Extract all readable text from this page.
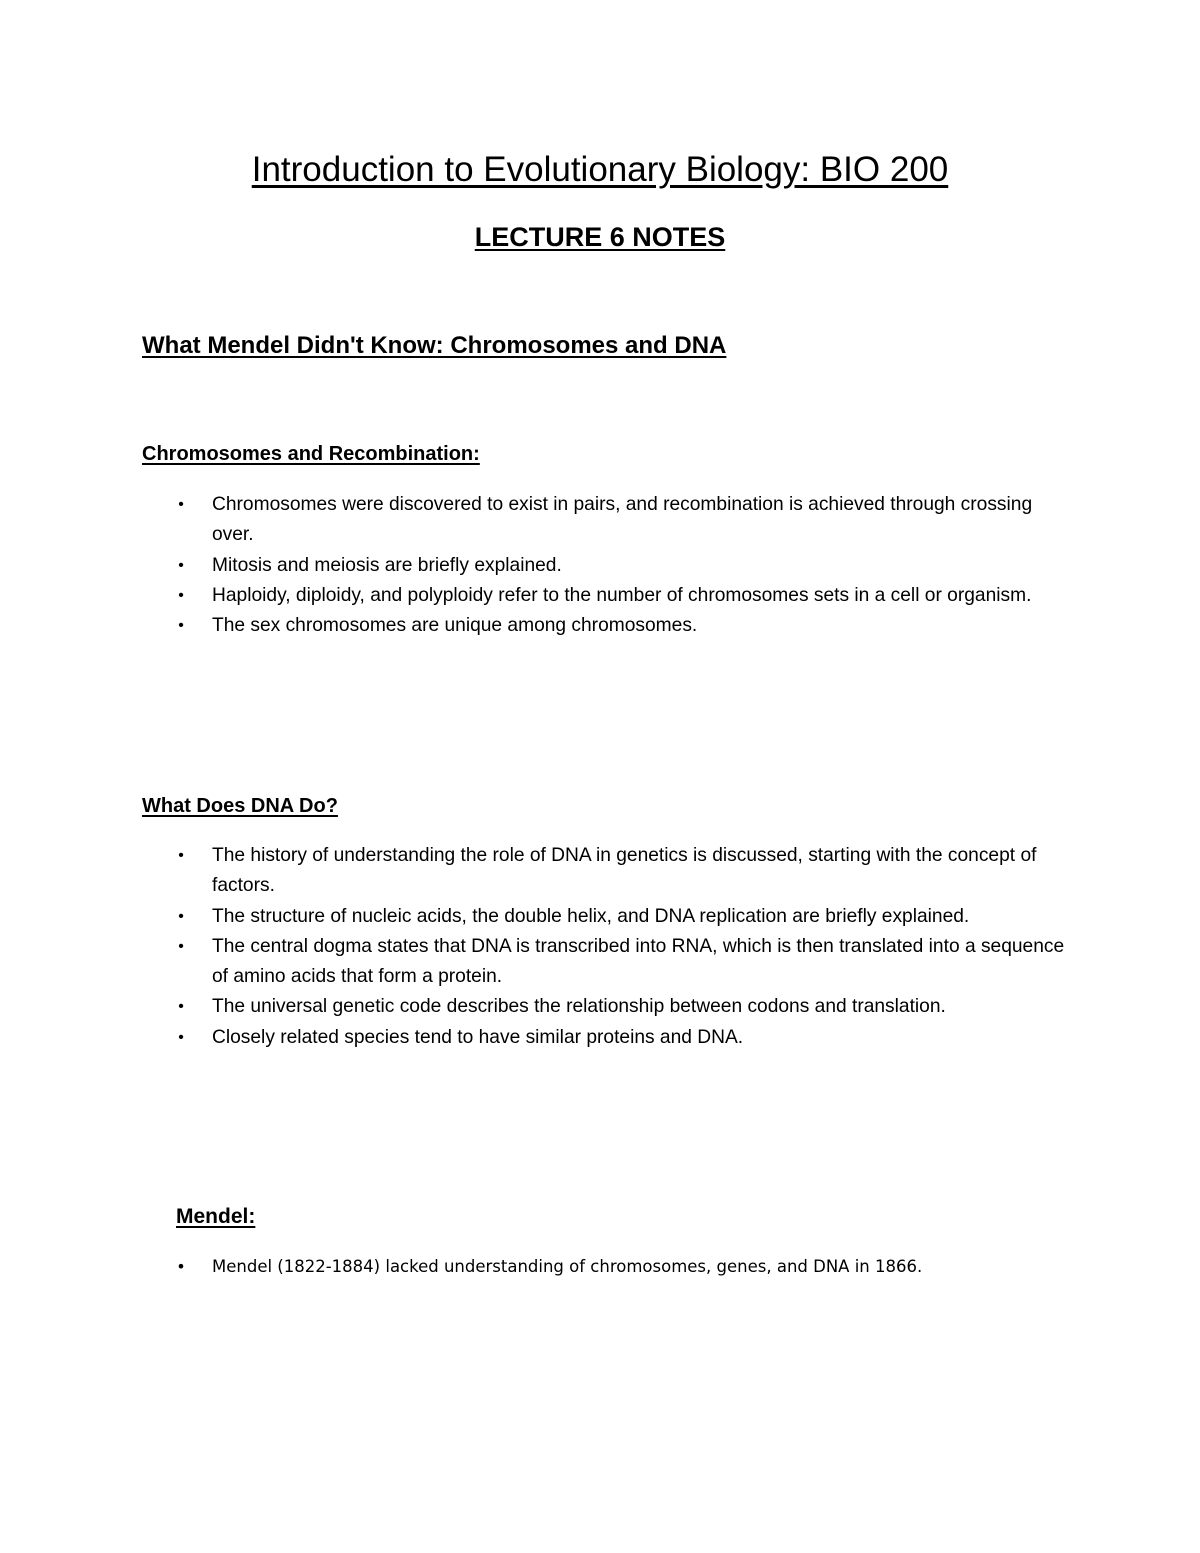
Introduction to Evolutionary Biology: BIO 200
LECTURE 6 NOTES
What Mendel Didn't Know: Chromosomes and DNA
Chromosomes and Recombination:
• Chromosomes were discovered to exist in pairs, and recombination is achieved through crossing over.
• Mitosis and meiosis are briefly explained.
• Haploidy, diploidy, and polyploidy refer to the number of chromosomes sets in a cell or organism.
• The sex chromosomes are unique among chromosomes.
What Does DNA Do?
• The history of understanding the role of DNA in genetics is discussed, starting with the concept of factors.
• The structure of nucleic acids, the double helix, and DNA replication are briefly explained.
• The central dogma states that DNA is transcribed into RNA, which is then translated into a sequence of amino acids that form a protein.
• The universal genetic code describes the relationship between codons and translation.
• Closely related species tend to have similar proteins and DNA.
Mendel:
• Mendel (1822-1884) lacked understanding of chromosomes, genes, and DNA in 1866.
